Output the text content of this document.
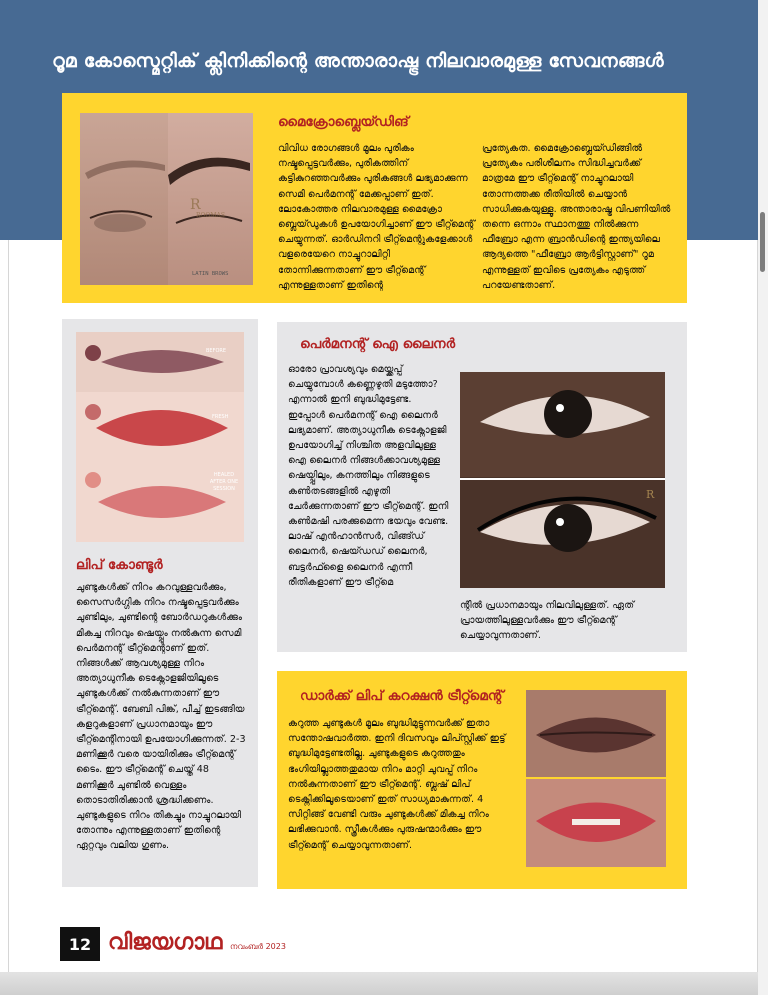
റൂമ കോസ്മെറ്റിക് ക്ലിനിക്കിന്റെ അന്താരാഷ്ട്ര നിലവാരമുള്ള സേവനങ്ങൾ
R
ROOMAS
LATIN BROWS
മൈക്രോബ്ലെയ്ഡിങ്
വിവിധ രോഗങ്ങൾ മൂലം പുരികം നഷ്ടപ്പെട്ടവർക്കും, പുരികത്തിന് കട്ടികുറഞ്ഞവർക്കും പുരികങ്ങൾ ലഭ്യമാക്കുന്ന സെമി പെർമനന്റ് മേക്കപ്പാണ് ഇത്. ലോകോത്തര നിലവാരമുള്ള മൈക്രോ ബ്ലെയ്ഡുകൾ ഉപയോഗിച്ചാണ് ഈ ട്രീറ്റ്മെന്റ് ചെയ്യുന്നത്. ഓർഡിനറി ട്രീറ്റ്മെന്റുകളേക്കാൾ വളരെയേറെ നാച്ചുറാലിറ്റി തോന്നിക്കുന്നതാണ് ഈ ട്രീറ്റ്മെന്റ് എന്നുള്ളതാണ് ഇതിന്റെ
പ്രത്യേകത. മൈക്രോബ്ലെയ്ഡിങ്ങിൽ പ്രത്യേകം പരിശീലനം സിദ്ധിച്ചവർക്ക് മാത്രമേ ഈ ട്രീറ്റ്മെന്റ് നാച്ചുറലായി തോന്നത്തക്ക രീതിയിൽ ചെയ്യാൻ സാധിക്കുകയുള്ളൂ. അന്താരാഷ്ട്ര വിപണിയിൽ തന്നെ ഒന്നാം സ്ഥാനത്തു നിൽക്കുന്ന ഫീബ്രോ എന്ന ബ്രാൻഡിന്റെ ഇന്ത്യയിലെ ആദ്യത്തെ "ഫീബ്രോ ആർട്ടിസ്റ്റാണ്" റൂമ എന്നുള്ളത് ഇവിടെ പ്രത്യേകം എടുത്ത് പറയേണ്ടതാണ്.
BEFORE
FRESH
HEALED AFTER ONE SESSION
ലിപ് കോണ്ടൂർ
ചുണ്ടുകൾക്ക് നിറം കറവുള്ളവർക്കും, സൈസർഗ്ഗിക നിറം നഷ്ടപ്പെട്ടവർക്കും ചുണ്ടിലും, ചുണ്ടിന്റെ ബോർഡറുകൾക്കും മികച്ച നിറവും ഷെയ്പ്പും നൽകുന്ന സെമി പെർമനന്റ് ട്രീറ്റ്മെന്റാണ് ഇത്. നിങ്ങൾക്ക് ആവശ്യമുള്ള നിറം അത്യാധുനീക ടെക്നോളജിയിലൂടെ ചുണ്ടുകൾക്ക് നൽകുന്നതാണ് ഈ ട്രീറ്റ്മെന്റ്. ബേബി പിങ്ക്, പീച്ച് ഇടങ്ങിയ കളറുകളാണ് പ്രധാനമായും ഈ ട്രീറ്റ്മെന്റിനായി ഉപയോഗിക്കുന്നത്. 2-3 മണിക്കൂർ വരെ യായിരിക്കും ട്രീറ്റ്മെന്റ് ടൈം. ഈ ട്രീറ്റ്മെന്റ് ചെയ്ത് 48 മണിക്കൂർ ചുണ്ടിൽ വെള്ളം തൊടാതിരിക്കാൻ ശ്രദ്ധിക്കണം. ചുണ്ടുകളുടെ നിറം തികച്ചും നാച്ചുറലായി തോന്നും എന്നുള്ളതാണ് ഇതിന്റെ ഏറ്റവും വലിയ ഗുണം.
പെർമനന്റ് ഐ ലൈനർ
ഓരോ പ്രാവശ്യവും മെയ്ക്കപ്പ് ചെയ്യുമ്പോൾ കണ്ണെഴുതി മടുത്തോ? എന്നാൽ ഇനി ബുദ്ധിമുട്ടേണ്ട. ഇപ്പോൾ പെർമനന്റ് ഐ ലൈനർ ലഭ്യമാണ്. അത്യാധുനീക ടെക്നോളജി ഉപയോഗിച്ച് നിശ്ചിത അളവിലുള്ള ഐ ലൈനർ നിങ്ങൾക്കാവശ്യമുള്ള ഷെയ്പ്പിലും, കനത്തിലും നിങ്ങളുടെ കൺതടങ്ങളിൽ എഴുതി ചേർക്കുന്നതാണ് ഈ ട്രീറ്റ്മെന്റ്. ഇനി കൺമഷി പരക്കുമെന്ന ഭയവും വേണ്ട. ലാഷ് എൻഹാൻസർ, വിങ്ങ്ഡ് ലൈനർ, ഷെയ്ഡഡ് ലൈനർ, ബട്ടർഫ്ളൈ ലൈനർ എന്നീ രീതികളാണ് ഈ ട്രീറ്റ്മെ
R
ന്റിൽ പ്രധാനമായും നിലവിലുള്ളത്. ഏത് പ്രായത്തിലുള്ളവർക്കും ഈ ട്രീറ്റ്മെന്റ് ചെയ്യാവുന്നതാണ്.
ഡാർക്ക് ലിപ് കറക്ഷൻ ട്രീറ്റ്മെന്റ്
കറുത്ത ചുണ്ടുകൾ മൂലം ബുദ്ധിമുട്ടുന്നവർക്ക് ഇതാ സന്തോഷവാർത്ത. ഇനി ദിവസവും ലിപ്സ്റ്റിക്ക് ഇട്ട് ബുദ്ധിമുട്ടേണ്ടതില്ല. ചുണ്ടുകളുടെ കറുത്തതും ഭംഗിയില്ലാത്തതുമായ നിറം മാറ്റി ചുവപ്പ് നിറം നൽകുന്നതാണ് ഈ ട്രീറ്റ്മെന്റ്. ബ്ലഷ് ലിപ് ടെക്നിക്കിലൂടെയാണ് ഇത് സാധ്യമാകുന്നത്. 4 സിറ്റിങ്ങ് വേണ്ടി വരും ചുണ്ടുകൾക്ക് മികച്ച നിറം ലഭിക്കുവാൻ. സ്ത്രീകൾക്കും പുരുഷന്മാർക്കും ഈ ട്രീറ്റ്മെന്റ് ചെയ്യാവുന്നതാണ്.
12 വിജയഗാഥ നവംബർ 2023
